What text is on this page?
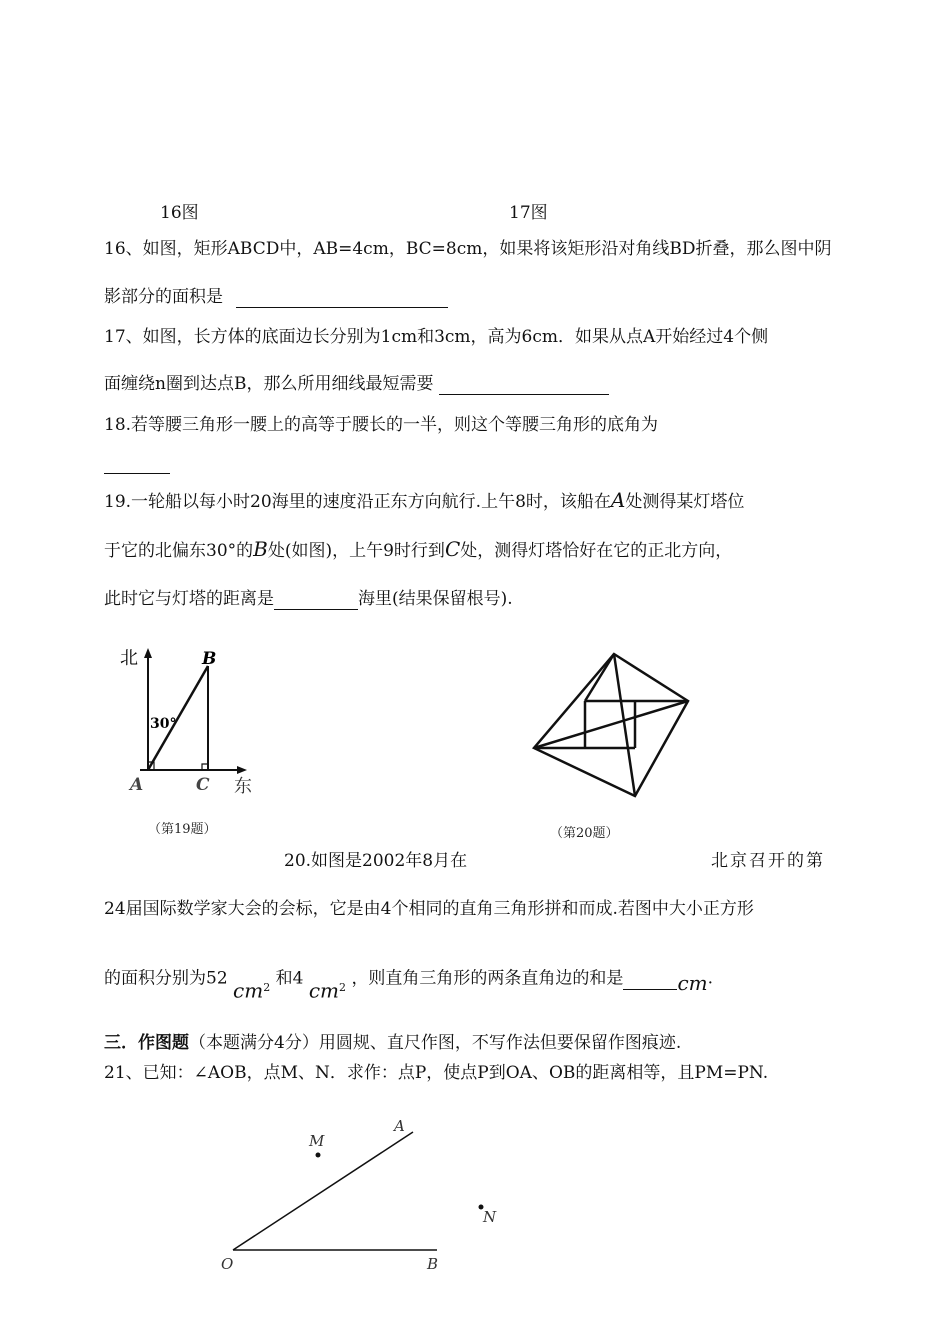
16图	17图
16、如图，矩形ABCD中，AB=4cm，BC=8cm，如果将该矩形沿对角线BD折叠，那么图中阴
影部分的面积是
17、如图，长方体的底面边长分别为1cm和3cm，高为6cm．如果从点A开始经过4个侧
面缠绕n圈到达点B，那么所用细线最短需要
18.若等腰三角形一腰上的高等于腰长的一半，则这个等腰三角形的底角为
19.一轮船以每小时20海里的速度沿正东方向航行.上午8时，该船在A处测得某灯塔位
于它的北偏东30°的B处(如图)，上午9时行到C处，测得灯塔恰好在它的正北方向，
此时它与灯塔的距离是	海里(结果保留根号).
北
东
30°
A
B
C
（第19题）	（第20题）
20.如图是2002年8月在	北京召开的第
24届国际数学家大会的会标，它是由4个相同的直角三角形拼和而成.若图中大小正方形
的面积分别为52 $cm^2$ 和4 $cm^2$ ，则直角三角形的两条直角边的和是	cm.
三．作图题（本题满分4分）用圆规、直尺作图，不写作法但要保留作图痕迹.
21、已知：∠AOB，点M、N．求作：点P，使点P到OA、OB的距离相等，且PM=PN.
O
A
B
M
N
